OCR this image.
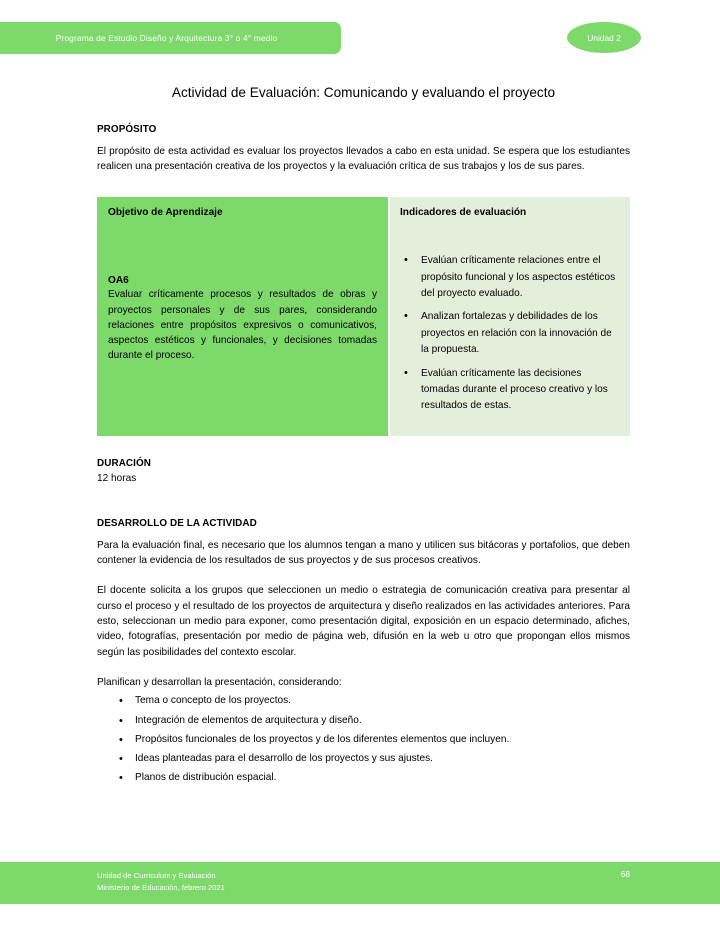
Programa de Estudio Diseño y Arquitectura 3° o 4° medio	Unidad 2
Actividad de Evaluación: Comunicando y evaluando el proyecto
PROPÓSITO

El propósito de esta actividad es evaluar los proyectos llevados a cabo en esta unidad. Se espera que los estudiantes realicen una presentación creativa de los proyectos y la evaluación crítica de sus trabajos y los de sus pares.

Objetivo de Aprendizaje
OA6
Evaluar críticamente procesos y resultados de obras y proyectos personales y de sus pares, considerando relaciones entre propósitos expresivos o comunicativos, aspectos estéticos y funcionales, y decisiones tomadas durante el proceso.
Indicadores de evaluación
• Evalúan críticamente relaciones entre el propósito funcional y los aspectos estéticos del proyecto evaluado.
• Analizan fortalezas y debilidades de los proyectos en relación con la innovación de la propuesta.
• Evalúan críticamente las decisiones tomadas durante el proceso creativo y los resultados de estas.
DURACIÓN
12 horas
DESARROLLO DE LA ACTIVIDAD

Para la evaluación final, es necesario que los alumnos tengan a mano y utilicen sus bitácoras y portafolios, que deben contener la evidencia de los resultados de sus proyectos y de sus procesos creativos.

El docente solicita a los grupos que seleccionen un medio o estrategia de comunicación creativa para presentar al curso el proceso y el resultado de los proyectos de arquitectura y diseño realizados en las actividades anteriores. Para esto, seleccionan un medio para exponer, como presentación digital, exposición en un espacio determinado, afiches, video, fotografías, presentación por medio de página web, difusión en la web u otro que propongan ellos mismos según las posibilidades del contexto escolar.

Planifican y desarrollan la presentación, considerando:

• Tema o concepto de los proyectos.
• Integración de elementos de arquitectura y diseño.
• Propósitos funcionales de los proyectos y de los diferentes elementos que incluyen.
• Ideas planteadas para el desarrollo de los proyectos y sus ajustes.
• Planos de distribución espacial.
Unidad de Curriculum y Evaluación
Ministerio de Educación, febrero 2021
68
